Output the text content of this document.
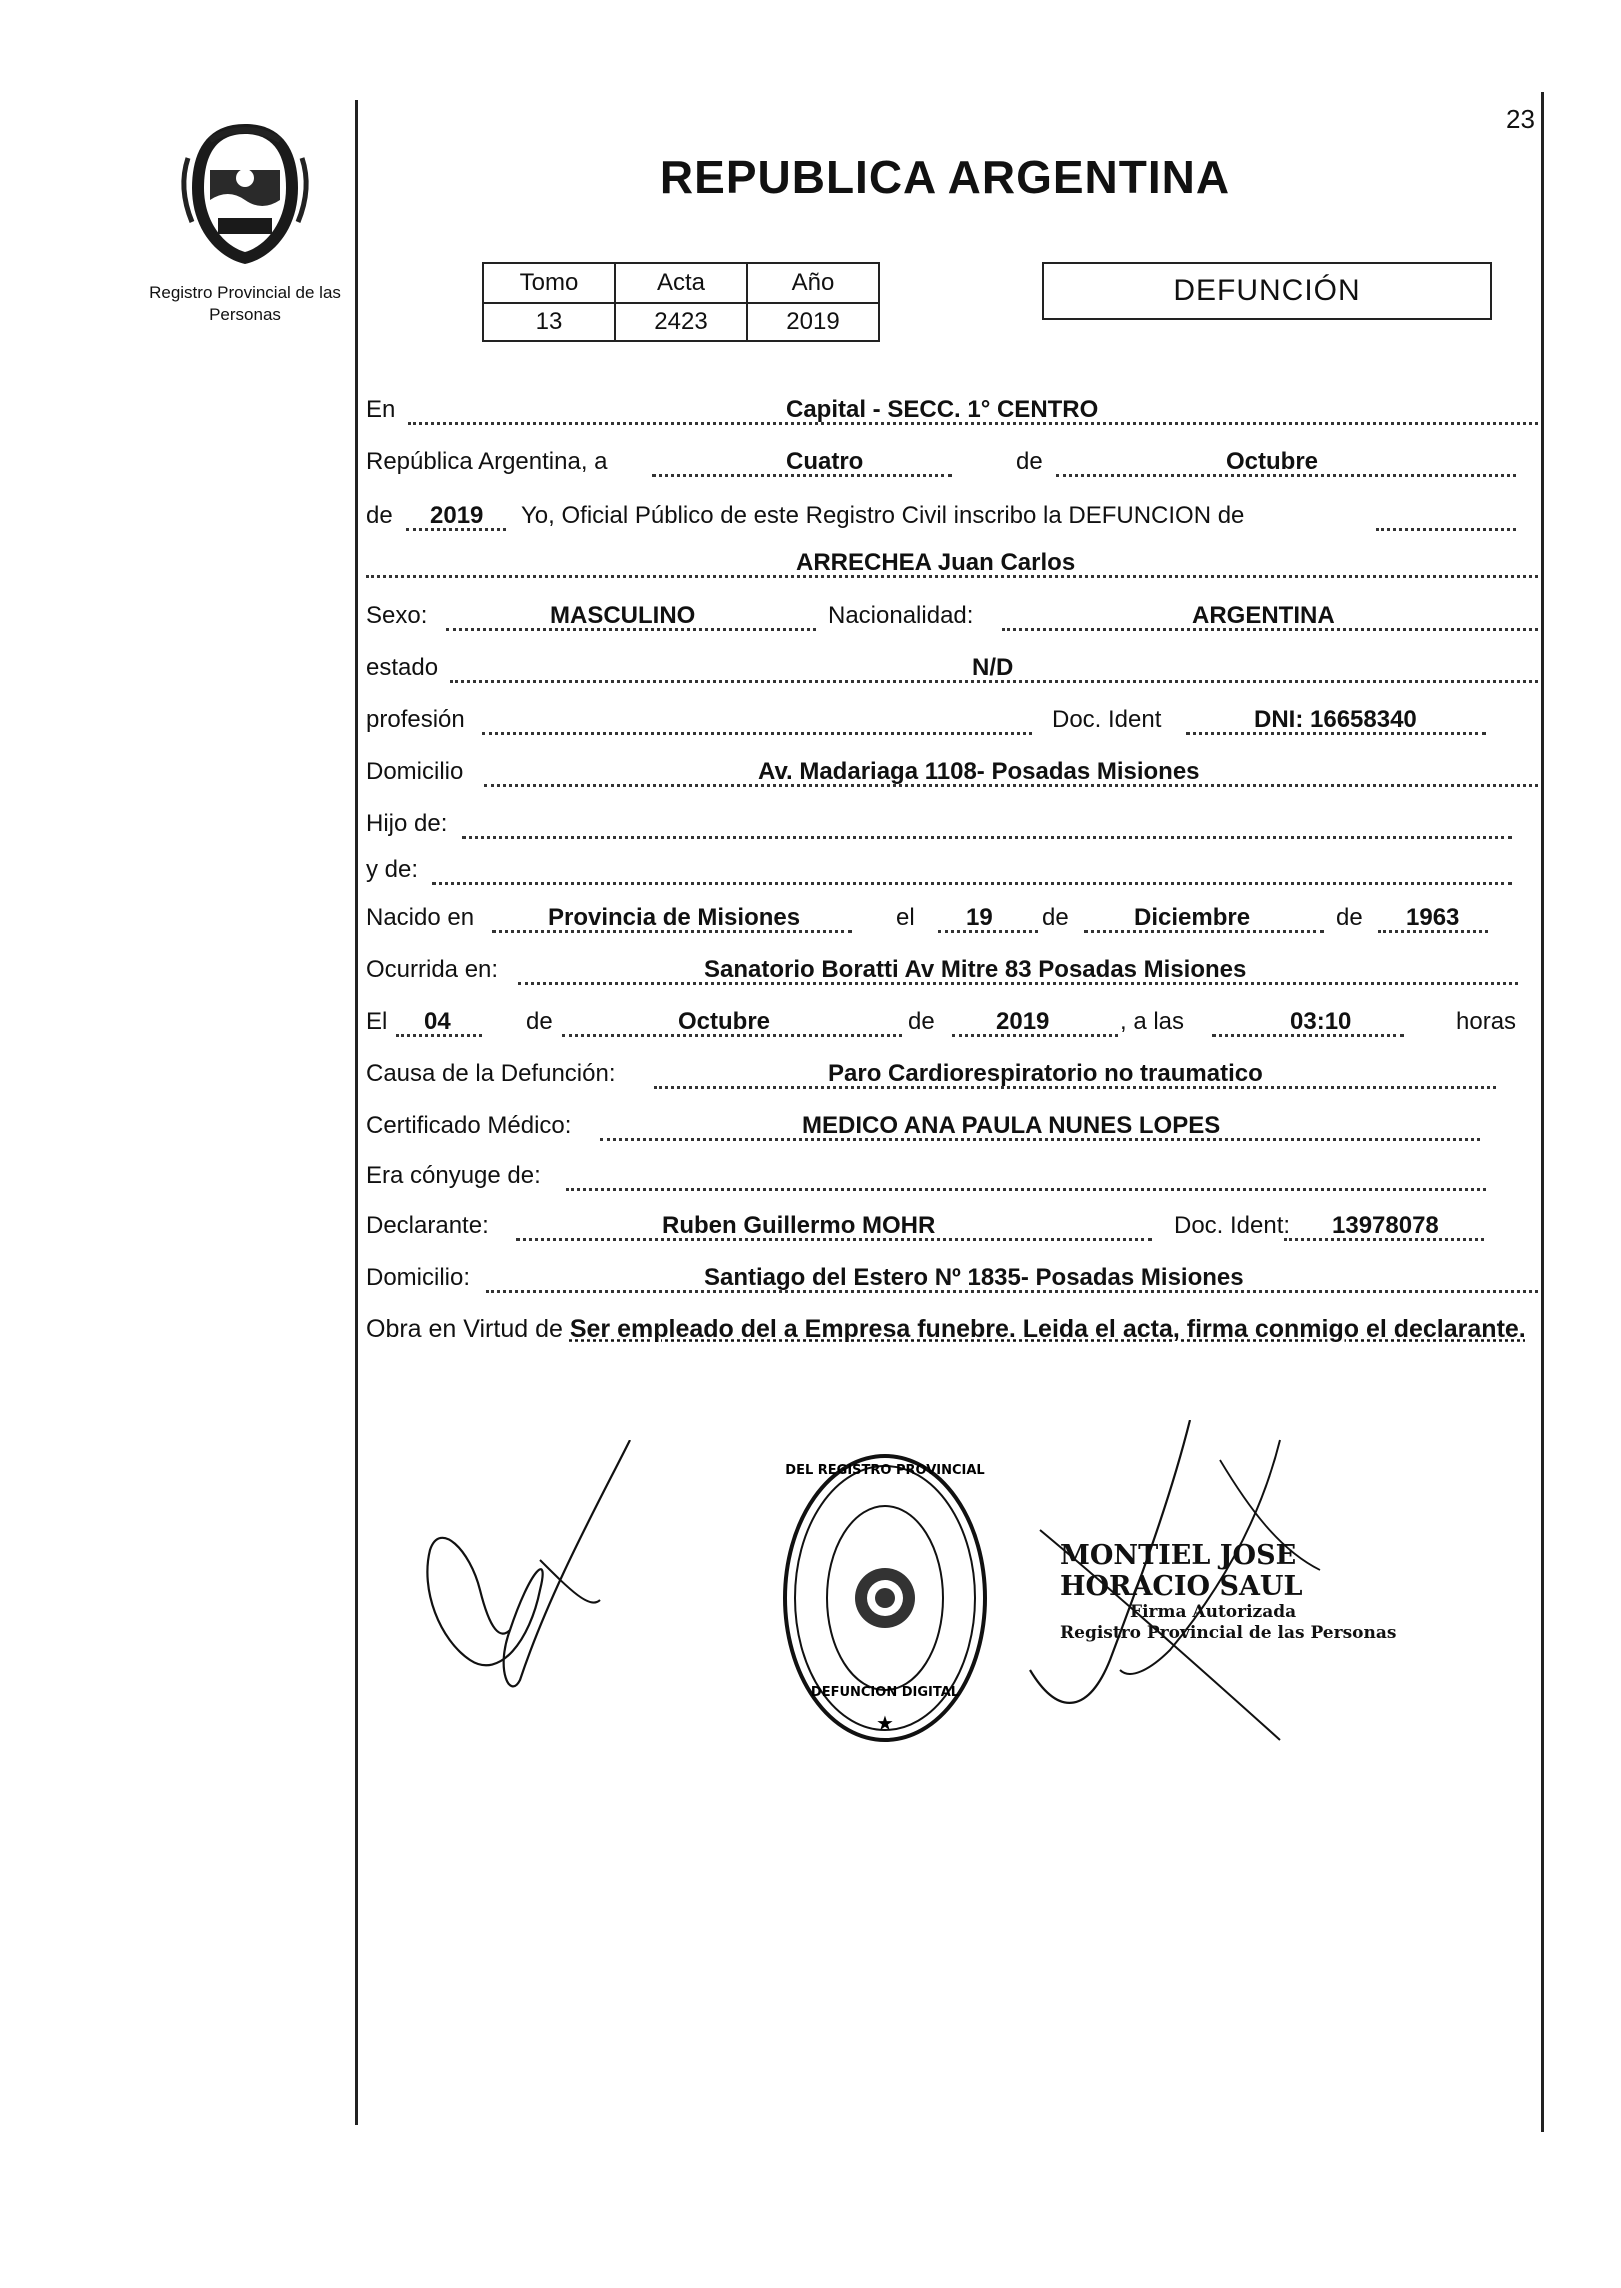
23
Registro Provincial de las Personas
REPUBLICA ARGENTINA
Tomo	Acta	Año
13	2423	2019
DEFUNCIÓN
En	Capital - SECC. 1° CENTRO
República Argentina, a	Cuatro	de	Octubre
de 2019 Yo, Oficial Público de este Registro Civil inscribo la DEFUNCION de
ARRECHEA Juan Carlos
Sexo:	MASCULINO	Nacionalidad:	ARGENTINA
estado	N/D
profesión	Doc. Ident	DNI: 16658340
Domicilio	Av. Madariaga 1108- Posadas Misiones
Hijo de:
y de:
Nacido en	Provincia de Misiones	el 19 de	Diciembre	de 1963
Ocurrida en:	Sanatorio Boratti Av Mitre 83 Posadas Misiones
El 04	de	Octubre	de	2019	, a las	03:10	horas
Causa de la Defunción:	Paro Cardiorespiratorio no traumatico
Certificado Médico:	MEDICO ANA PAULA NUNES LOPES
Era cónyuge de:
Declarante:	Ruben Guillermo MOHR	Doc. Ident: 13978078
Domicilio:	Santiago del Estero Nº 1835- Posadas Misiones
Obra en Virtud de Ser empleado del a Empresa funebre. Leida el acta, firma conmigo el declarante.
★
DEL REGISTRO PROVINCIAL
DEFUNCION DIGITAL
MONTIEL JOSE HORACIO SAUL
Firma Autorizada
Registro Provincial de las Personas
